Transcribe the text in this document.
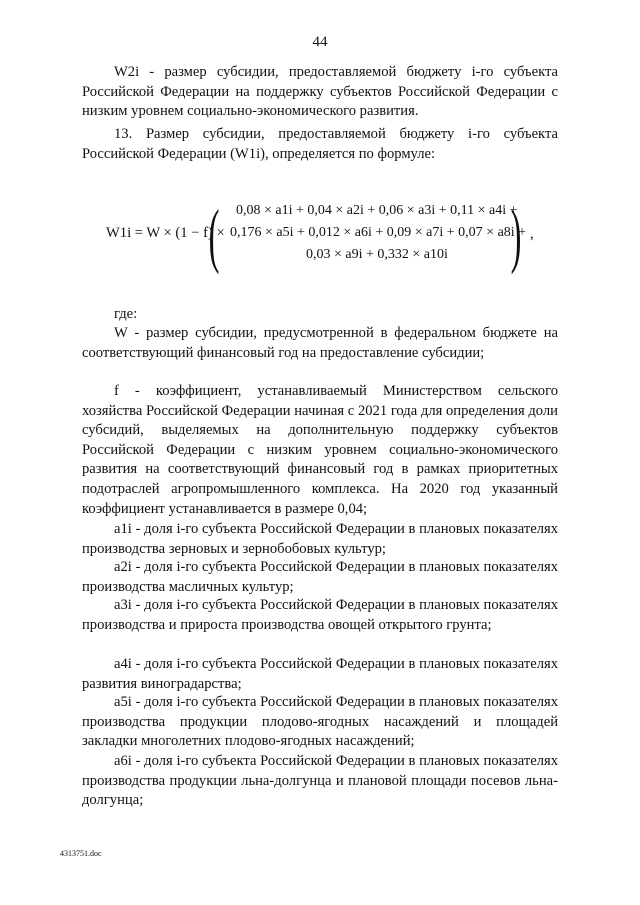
44

W2i - размер субсидии, предоставляемой бюджету i-го субъекта Российской Федерации на поддержку субъектов Российской Федерации с низким уровнем социально-экономического развития.

13. Размер субсидии, предоставляемой бюджету i-го субъекта Российской Федерации (W1i), определяется по формуле:

W1i = W × (1 − f) ×
( 0,08 × a1i + 0,04 × a2i + 0,06 × a3i + 0,11 × a4i +
0,176 × a5i + 0,012 × a6i + 0,09 × a7i + 0,07 × a8i +
0,03 × a9i + 0,332 × a10i ) ,

где:

W - размер субсидии, предусмотренной в федеральном бюджете на соответствующий финансовый год на предоставление субсидии;

f - коэффициент, устанавливаемый Министерством сельского хозяйства Российской Федерации начиная с 2021 года для определения доли субсидий, выделяемых на дополнительную поддержку субъектов Российской Федерации с низким уровнем социально-экономического развития на соответствующий финансовый год в рамках приоритетных подотраслей агропромышленного комплекса. На 2020 год указанный коэффициент устанавливается в размере 0,04;

a1i - доля i-го субъекта Российской Федерации в плановых показателях производства зерновых и зернобобовых культур;

a2i - доля i-го субъекта Российской Федерации в плановых показателях производства масличных культур;

a3i - доля i-го субъекта Российской Федерации в плановых показателях производства и прироста производства овощей открытого грунта;

a4i - доля i-го субъекта Российской Федерации в плановых показателях развития виноградарства;

a5i - доля i-го субъекта Российской Федерации в плановых показателях производства продукции плодово-ягодных насаждений и площадей закладки многолетних плодово-ягодных насаждений;

a6i - доля i-го субъекта Российской Федерации в плановых показателях производства продукции льна-долгунца и плановой площади посевов льна-долгунца;

4313751.doc
